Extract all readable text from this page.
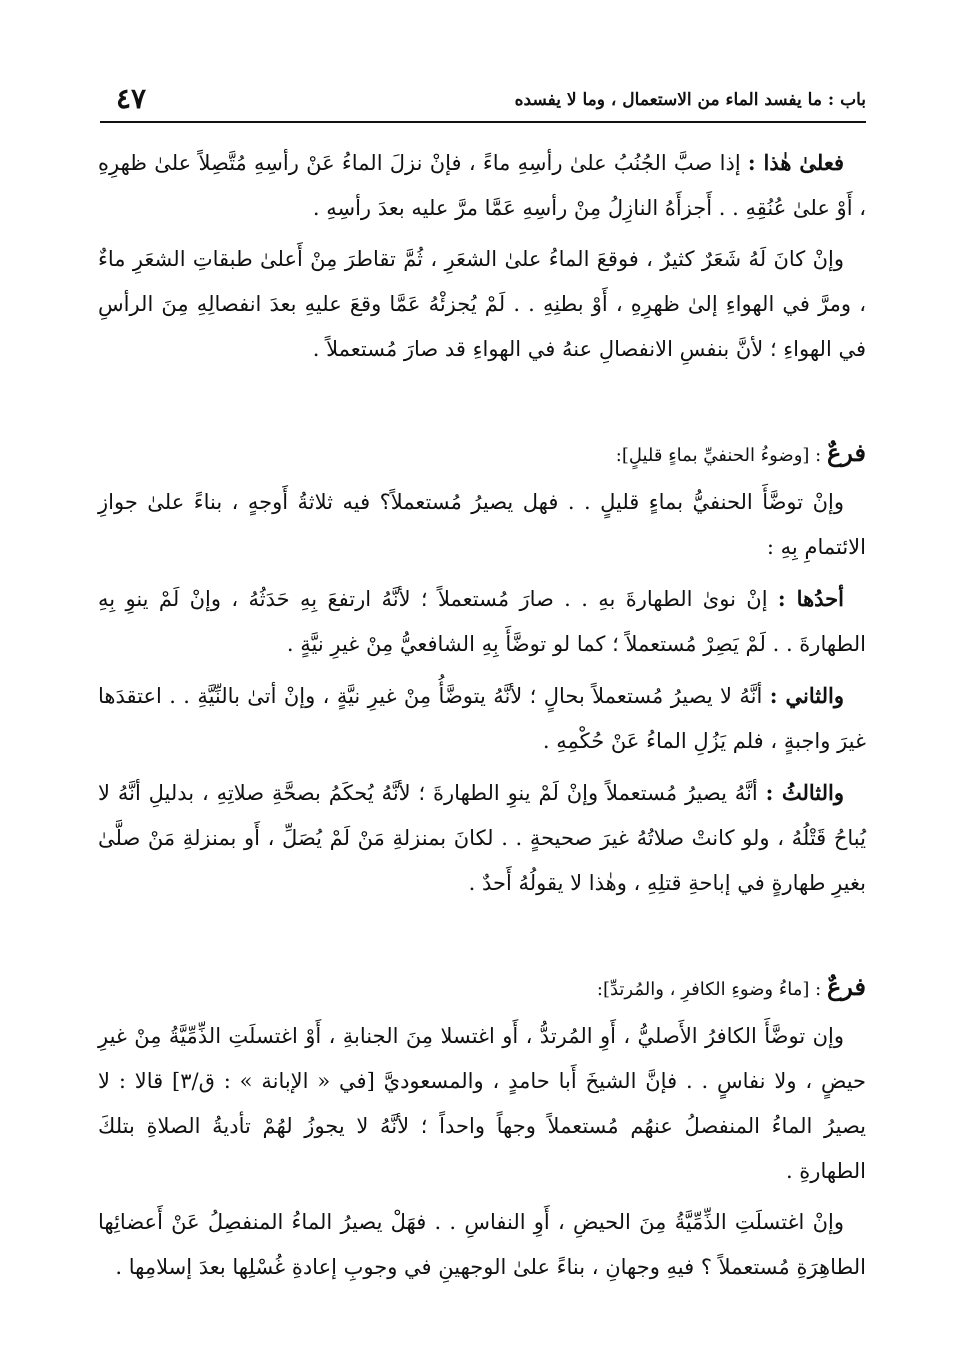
باب : ما يفسد الماء من الاستعمال ، وما لا يفسده
٤٧

فعلىٰ هٰذا : إذا صبَّ الجُنُبُ علىٰ رأسِهِ ماءً ، فإنْ نزلَ الماءُ عَنْ رأسِهِ مُتَّصِلاً علىٰ ظهرِهِ ، أَوْ علىٰ عُنُقِهِ . . أَجزأَهُ النازِلُ مِنْ رأسِهِ عَمَّا مرَّ عليه بعدَ رأسِهِ .

وإنْ كانَ لَهُ شَعَرٌ كثيرٌ ، فوقعَ الماءُ علىٰ الشعَرِ ، ثُمَّ تقاطرَ مِنْ أَعلىٰ طبقاتِ الشعَرِ ماءٌ ، ومرَّ في الهواءِ إلىٰ ظهرِهِ ، أَوْ بطنِهِ . . لَمْ يُجزئْهُ عَمَّا وقعَ عليهِ بعدَ انفصالِهِ مِنَ الرأسِ في الهواءِ ؛ لأنَّ بنفسِ الانفصالِ عنهُ في الهواءِ قد صارَ مُستعملاً .

فرعٌ : [وضوءُ الحنفيِّ بماءٍ قليلٍ]:

وإنْ توضَّأَ الحنفيُّ بماءٍ قليلٍ . . فهل يصيرُ مُستعملاً؟ فيه ثلاثةُ أَوجهٍ ، بناءً علىٰ جوازِ الائتمامِ بِهِ :

أحدُها : إنْ نوىٰ الطهارةَ بهِ . . صارَ مُستعملاً ؛ لأنَّهُ ارتفعَ بِهِ حَدَثُهُ ، وإنْ لَمْ ينوِ بِهِ الطهارةَ . . لَمْ يَصِرْ مُستعملاً ؛ كما لو توضَّأَ بِهِ الشافعيُّ مِنْ غيرِ نيَّةٍ .

والثاني : أنَّهُ لا يصيرُ مُستعملاً بحالٍ ؛ لأنَّهُ يتوضَّأُ مِنْ غيرِ نيَّةٍ ، وإنْ أتىٰ بالنِّيَّةِ . . اعتقدَها غيرَ واجبةٍ ، فلم يَزُلِ الماءُ عَنْ حُكْمِهِ .

والثالثُ : أنَّهُ يصيرُ مُستعملاً وإنْ لَمْ ينوِ الطهارةَ ؛ لأنَّهُ يُحكَمُ بصحَّةِ صلاتِهِ ، بدليلِ أنَّهُ لا يُباحُ قَتْلُهُ ، ولو كانتْ صلاتُهُ غيرَ صحيحةٍ . . لكانَ بمنزلةِ مَنْ لَمْ يُصَلِّ ، أَو بمنزلةِ مَنْ صلَّىٰ بغيرِ طهارةٍ في إباحةِ قتلِهِ ، وهٰذا لا يقولُهُ أَحدٌ .

فرعٌ : [ماءُ وضوءِ الكافرِ ، والمُرتدِّ]:

وإن توضَّأَ الكافرُ الأَصليُّ ، أَوِ المُرتدُّ ، أَو اغتسلا مِنَ الجنابةِ ، أَوْ اغتسلَتِ الذِّمِّيَّةُ مِنْ غيرِ حيضٍ ، ولا نفاسٍ . . فإنَّ الشيخَ أَبا حامدٍ ، والمسعوديَّ [في « الإبانة » : ق/٣] قالا : لا يصيرُ الماءُ المنفصلُ عنهُم مُستعملاً وجهاً واحداً ؛ لأنَّهُ لا يجوزُ لهُمْ تأديةُ الصلاةِ بتلكَ الطهارةِ .

وإنْ اغتسلَتِ الذِّمِّيَّةُ مِنَ الحيضِ ، أَوِ النفاسِ . . فهَلْ يصيرُ الماءُ المنفصِلُ عَنْ أَعضائِها الطاهِرَةِ مُستعملاً ؟ فيهِ وجهانِ ، بناءً علىٰ الوجهينِ في وجوبِ إعادةِ غُسْلِها بعدَ إسلامِها .
